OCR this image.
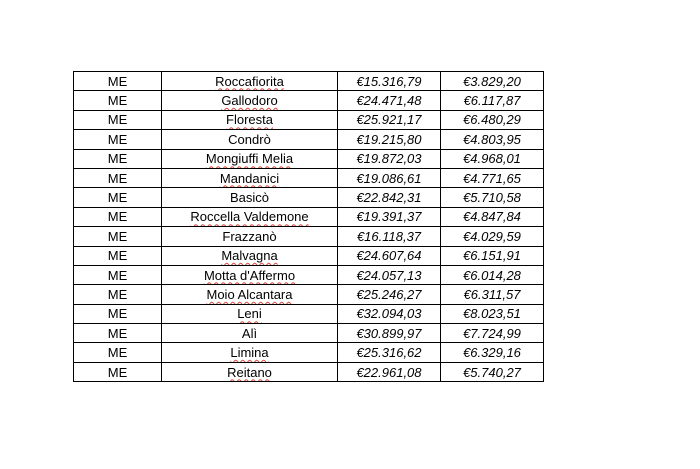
ME	Roccafiorita	€15.316,79	€3.829,20
ME	Gallodoro	€24.471,48	€6.117,87
ME	Floresta	€25.921,17	€6.480,29
ME	Condrò	€19.215,80	€4.803,95
ME	Mongiuffi Melia	€19.872,03	€4.968,01
ME	Mandanici	€19.086,61	€4.771,65
ME	Basicò	€22.842,31	€5.710,58
ME	Roccella Valdemone	€19.391,37	€4.847,84
ME	Frazzanò	€16.118,37	€4.029,59
ME	Malvagna	€24.607,64	€6.151,91
ME	Motta d'Affermo	€24.057,13	€6.014,28
ME	Moio Alcantara	€25.246,27	€6.311,57
ME	Leni	€32.094,03	€8.023,51
ME	Alì	€30.899,97	€7.724,99
ME	Limina	€25.316,62	€6.329,16
ME	Reitano	€22.961,08	€5.740,27
